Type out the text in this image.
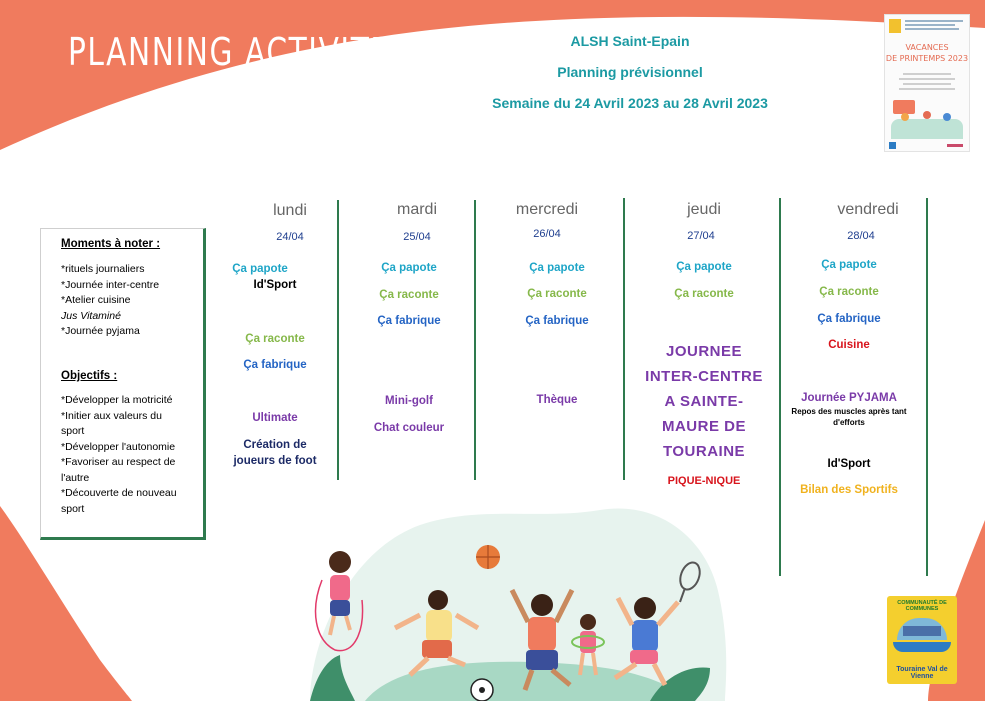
PLANNING ACTIVITES	ALSH Saint-Epain
Planning prévisionnel
Semaine du 24 Avril 2023 au 28 Avril 2023
VACANCES
DE PRINTEMPS 2023
Moments à noter :
*rituels journaliers
*Journée inter-centre
*Atelier cuisine
Jus Vitaminé
*Journée pyjama
Objectifs :
*Développer la motricité
*Initier aux valeurs du
sport
*Développer l'autonomie
*Favoriser au respect de
l'autre
*Découverte de nouveau
sport
lundi
24/04
mardi
25/04
mercredi
26/04
jeudi
27/04
vendredi
28/04
Ça papote
Id'Sport
Ça raconte
Ça fabrique
Ultimate
Création de
joueurs de foot
Ça papote
Ça raconte
Ça fabrique
Mini-golf
Chat couleur
Ça papote
Ça raconte
Ça fabrique
Thèque
Ça papote
Ça raconte
JOURNEE
INTER-CENTRE
A SAINTE-
MAURE DE
TOURAINE
PIQUE-NIQUE
Ça papote
Ça raconte
Ça fabrique
Cuisine
Journée PYJAMA
Repos des muscles après tant
d'efforts
Id'Sport
Bilan des Sportifs
COMMUNAUTÉ DE COMMUNES
Touraine Val de Vienne
